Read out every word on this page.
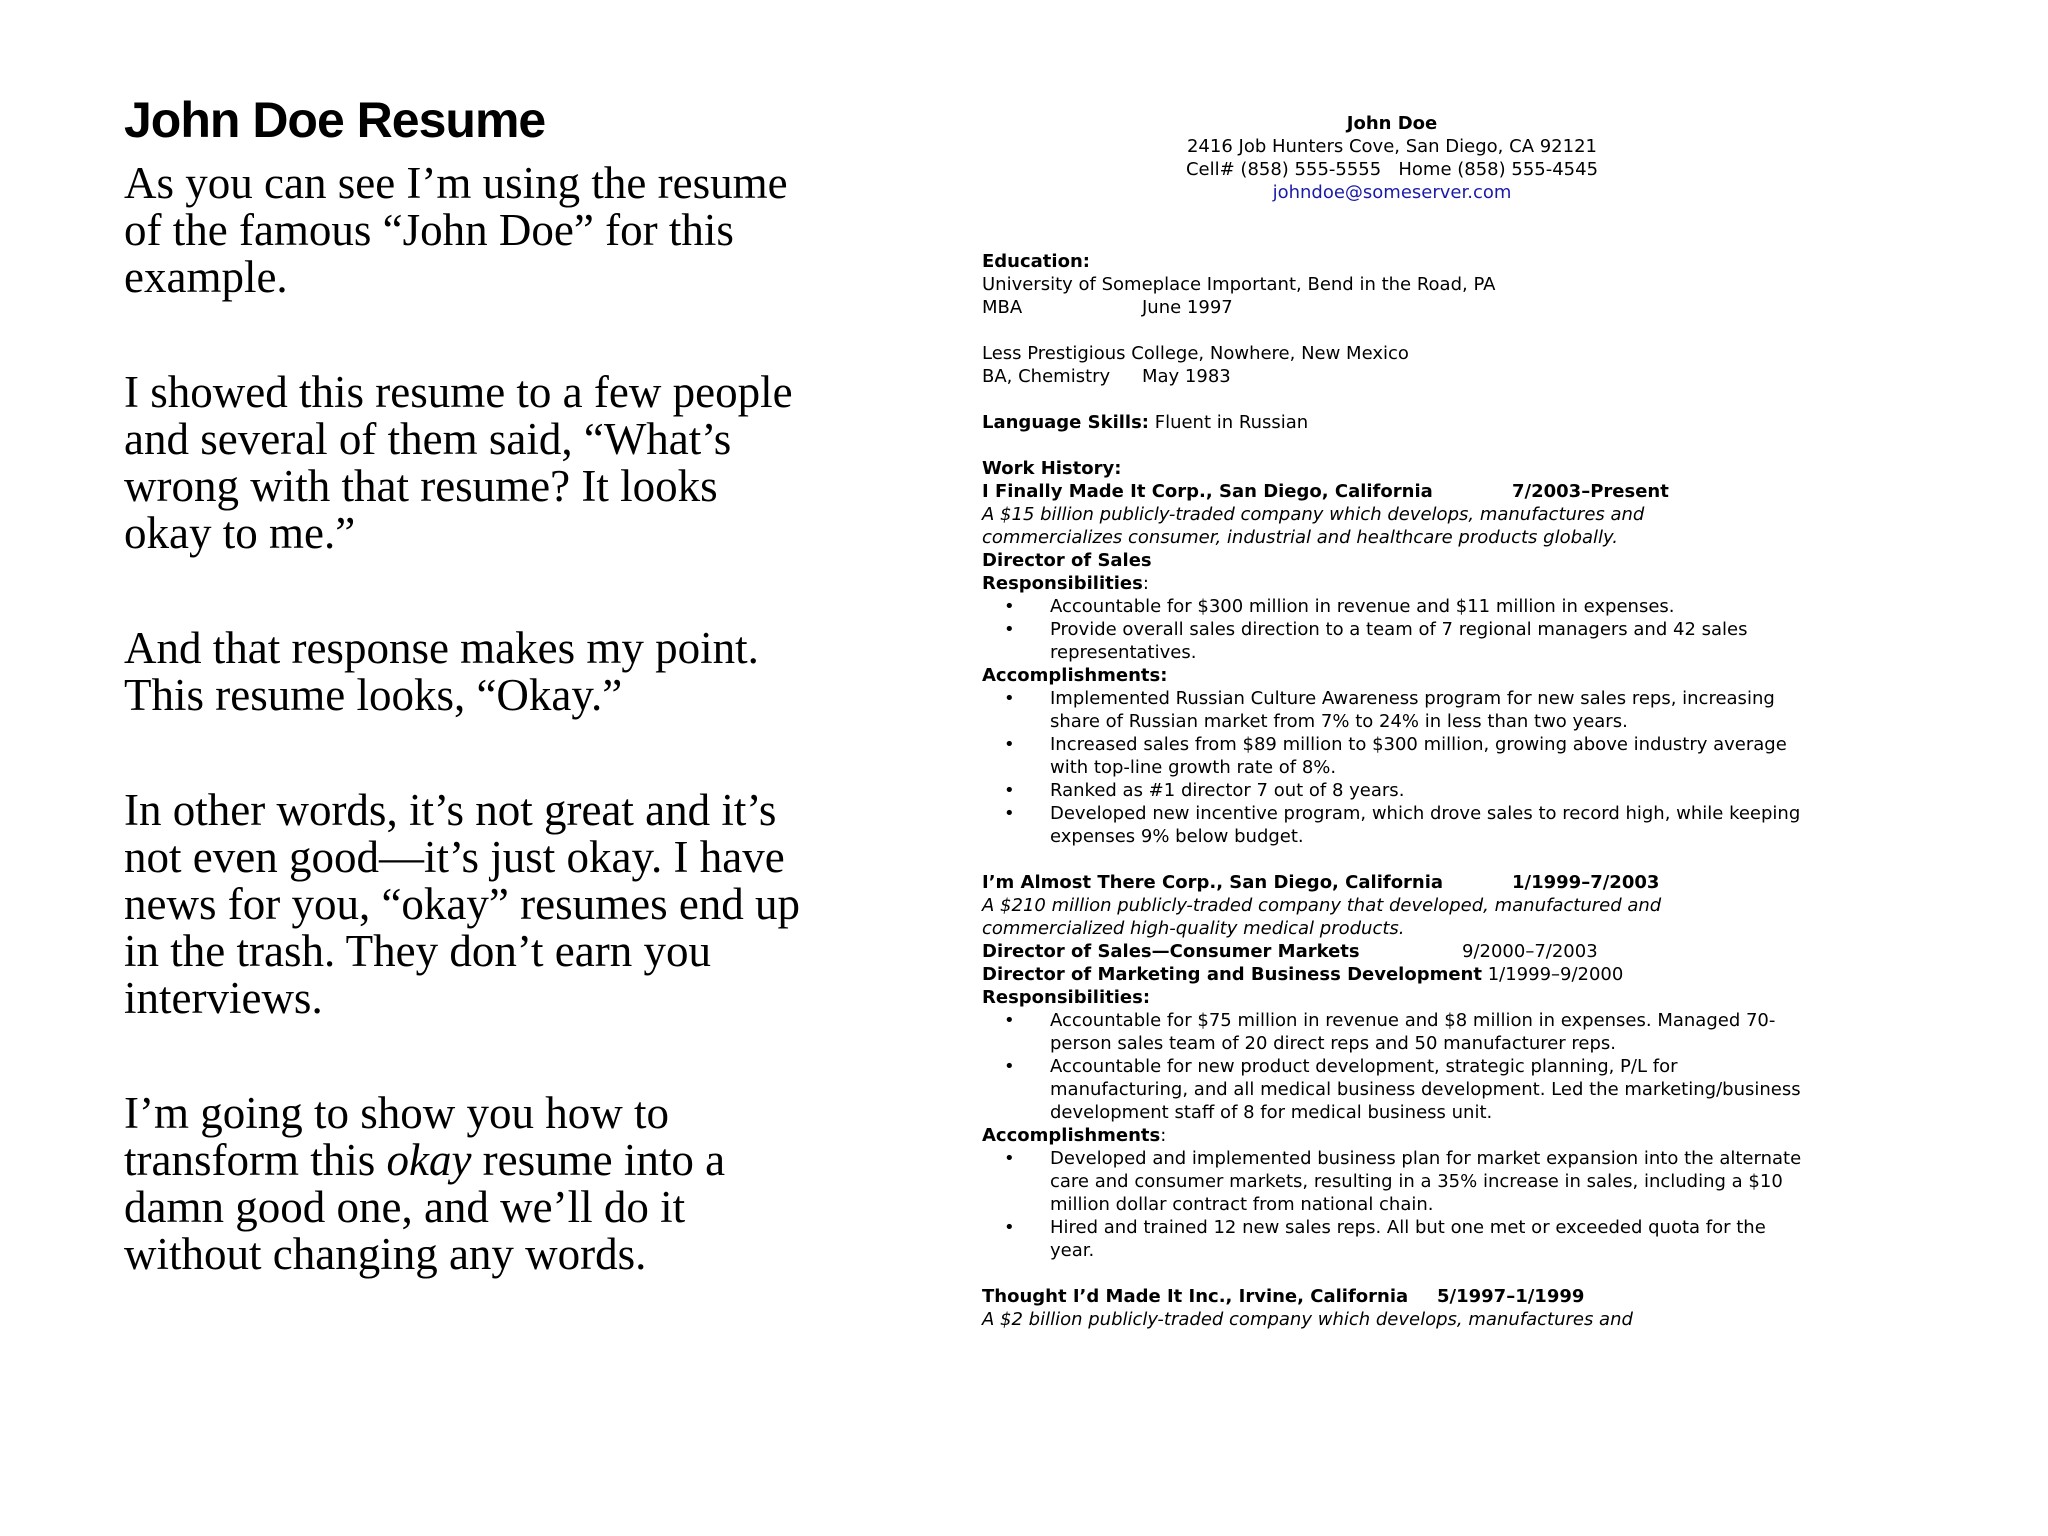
John Doe Resume

As you can see I’m using the resume of the famous “John Doe” for this example.

I showed this resume to a few people and several of them said, “What’s wrong with that resume? It looks okay to me.”

And that response makes my point. This resume looks, “Okay.”

In other words, it’s not great and it’s not even good—it’s just okay. I have news for you, “okay” resumes end up in the trash. They don’t earn you interviews.

I’m going to show you how to transform this okay resume into a damn good one, and we’ll do it without changing any words.

John Doe
2416 Job Hunters Cove, San Diego, CA 92121
Cell# (858) 555-5555   Home (858) 555-4545
johndoe@someserver.com
Education:
University of Someplace Important, Bend in the Road, PA
MBA	June 1997
Less Prestigious College, Nowhere, New Mexico
BA, Chemistry	May 1983
Language Skills: Fluent in Russian
Work History:
I Finally Made It Corp., San Diego, California	7/2003–Present
A $15 billion publicly-traded company which develops, manufactures and
commercializes consumer, industrial and healthcare products globally.
Director of Sales
Responsibilities:
• Accountable for $300 million in revenue and $11 million in expenses.
• Provide overall sales direction to a team of 7 regional managers and 42 sales representatives.
Accomplishments:
• Implemented Russian Culture Awareness program for new sales reps, increasing share of Russian market from 7% to 24% in less than two years.
• Increased sales from $89 million to $300 million, growing above industry average with top-line growth rate of 8%.
• Ranked as #1 director 7 out of 8 years.
• Developed new incentive program, which drove sales to record high, while keeping expenses 9% below budget.
I’m Almost There Corp., San Diego, California	1/1999–7/2003
A $210 million publicly-traded company that developed, manufactured and
commercialized high-quality medical products.
Director of Sales—Consumer Markets	9/2000–7/2003
Director of Marketing and Business Development 1/1999–9/2000
Responsibilities:
• Accountable for $75 million in revenue and $8 million in expenses. Managed 70-person sales team of 20 direct reps and 50 manufacturer reps.
• Accountable for new product development, strategic planning, P/L for manufacturing, and all medical business development. Led the marketing/business development staff of 8 for medical business unit.
Accomplishments:
• Developed and implemented business plan for market expansion into the alternate care and consumer markets, resulting in a 35% increase in sales, including a $10 million dollar contract from national chain.
• Hired and trained 12 new sales reps. All but one met or exceeded quota for the year.
Thought I’d Made It Inc., Irvine, California	5/1997–1/1999
A $2 billion publicly-traded company which develops, manufactures and
